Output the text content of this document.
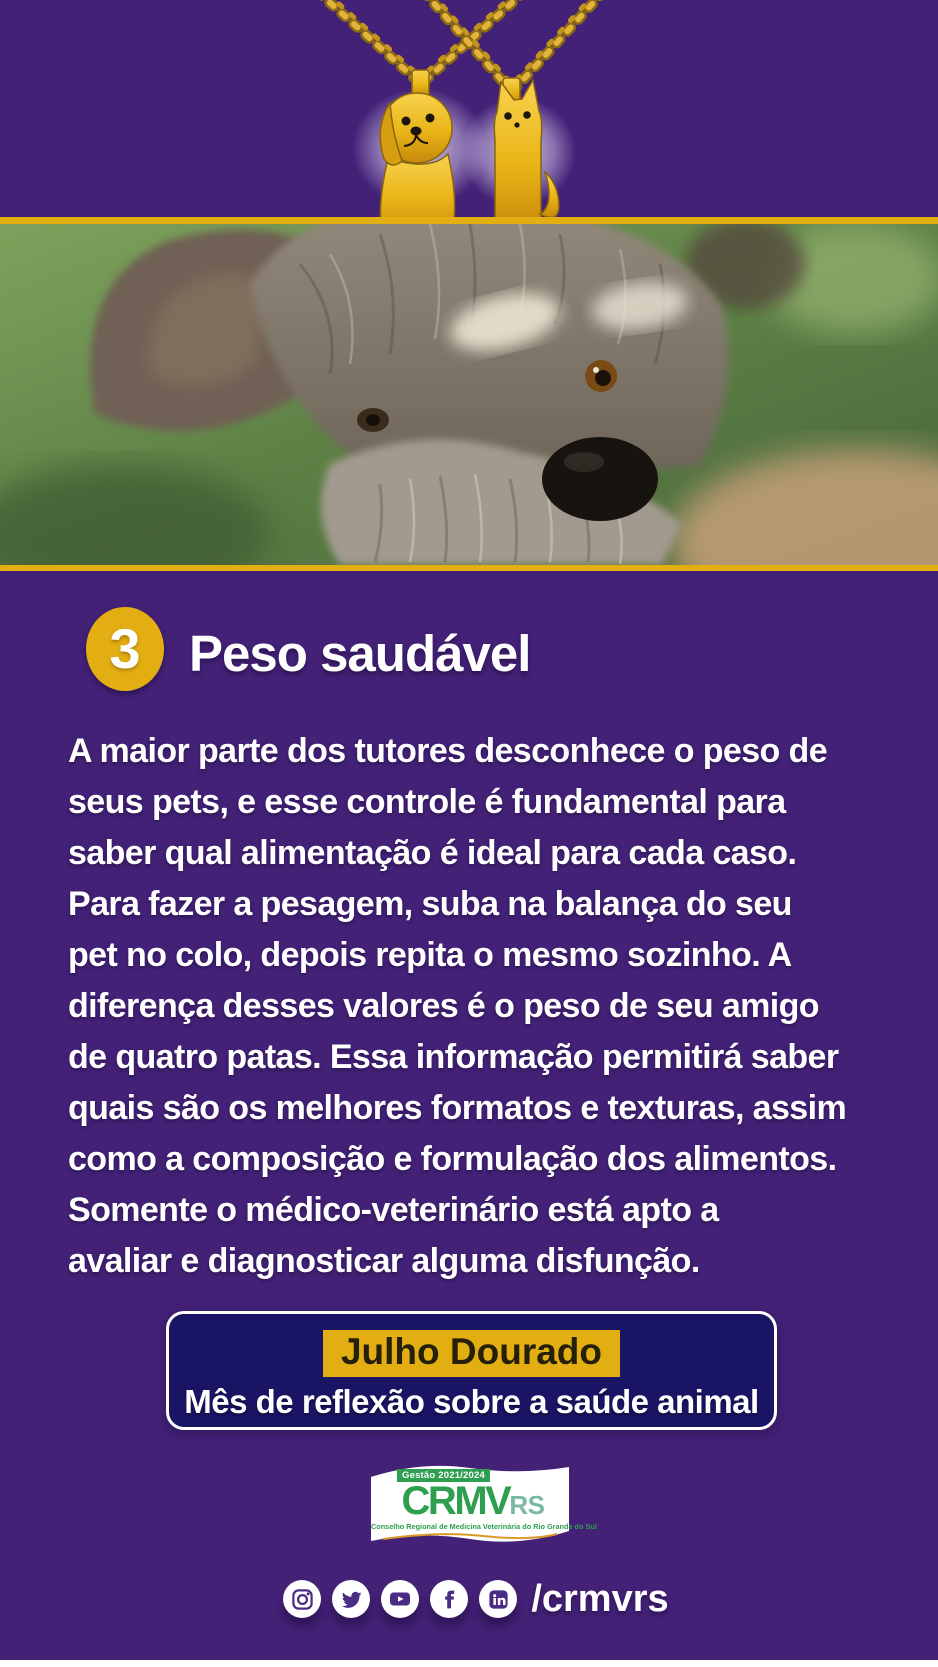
3 Peso saudável
A maior parte dos tutores desconhece o peso de
seus pets, e esse controle é fundamental para
saber qual alimentação é ideal para cada caso.
Para fazer a pesagem, suba na balança do seu
pet no colo, depois repita o mesmo sozinho. A
diferença desses valores é o peso de seu amigo
de quatro patas. Essa informação permitirá saber
quais são os melhores formatos e texturas, assim
como a composição e formulação dos alimentos.
Somente o médico-veterinário está apto a
avaliar e diagnosticar alguma disfunção.
Julho Dourado
Mês de reflexão sobre a saúde animal
Gestão 2021/2024
CRMVRS
Conselho Regional de Medicina Veterinária do Rio Grande do Sul
/crmvrs
